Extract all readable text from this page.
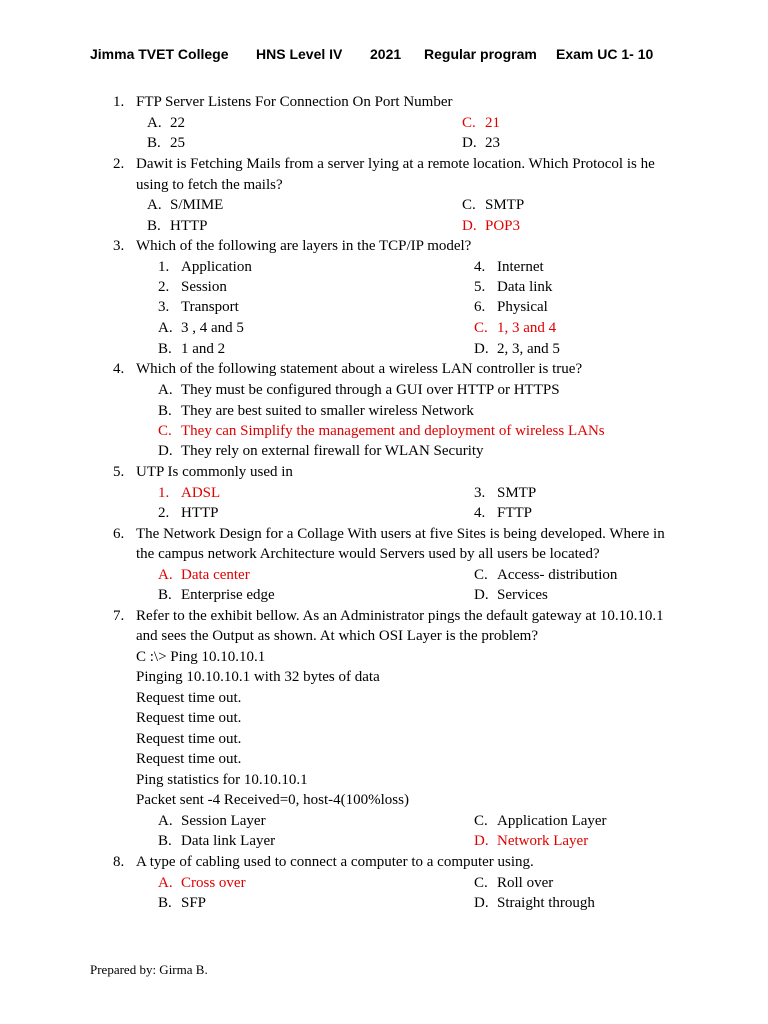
Jimma TVET College HNS Level IV 2021 Regular program Exam UC 1- 10
1. FTP Server Listens For Connection On Port Number
A. 22	C. 21
B. 25	D. 23
2. Dawit is Fetching Mails from a server lying at a remote location. Which Protocol is he
using to fetch the mails?
A. S/MIME	C. SMTP
B. HTTP	D. POP3
3. Which of the following are layers in the TCP/IP model?
1. Application	4. Internet
2. Session	5. Data link
3. Transport	6. Physical
A. 3 , 4 and 5	C. 1, 3 and 4
B. 1 and 2	D. 2, 3, and 5
4. Which of the following statement about a wireless LAN controller is true?
A. They must be configured through a GUI over HTTP or HTTPS
B. They are best suited to smaller wireless Network
C. They can Simplify the management and deployment of wireless LANs
D. They rely on external firewall for WLAN Security
5. UTP Is commonly used in
1. ADSL	3. SMTP
2. HTTP	4. FTTP
6. The Network Design for a Collage With users at five Sites is being developed. Where in
the campus network Architecture would Servers used by all users be located?
A. Data center	C. Access- distribution
B. Enterprise edge	D. Services
7. Refer to the exhibit bellow. As an Administrator pings the default gateway at 10.10.10.1
and sees the Output as shown. At which OSI Layer is the problem?
C :\> Ping 10.10.10.1
Pinging 10.10.10.1 with 32 bytes of data
Request time out.
Request time out.
Request time out.
Request time out.
Ping statistics for 10.10.10.1
Packet sent -4 Received=0, host-4(100%loss)
A. Session Layer	C. Application Layer
B. Data link Layer	D. Network Layer
8. A type of cabling used to connect a computer to a computer using.
A. Cross over	C. Roll over
B. SFP	D. Straight through
Prepared by: Girma B.
